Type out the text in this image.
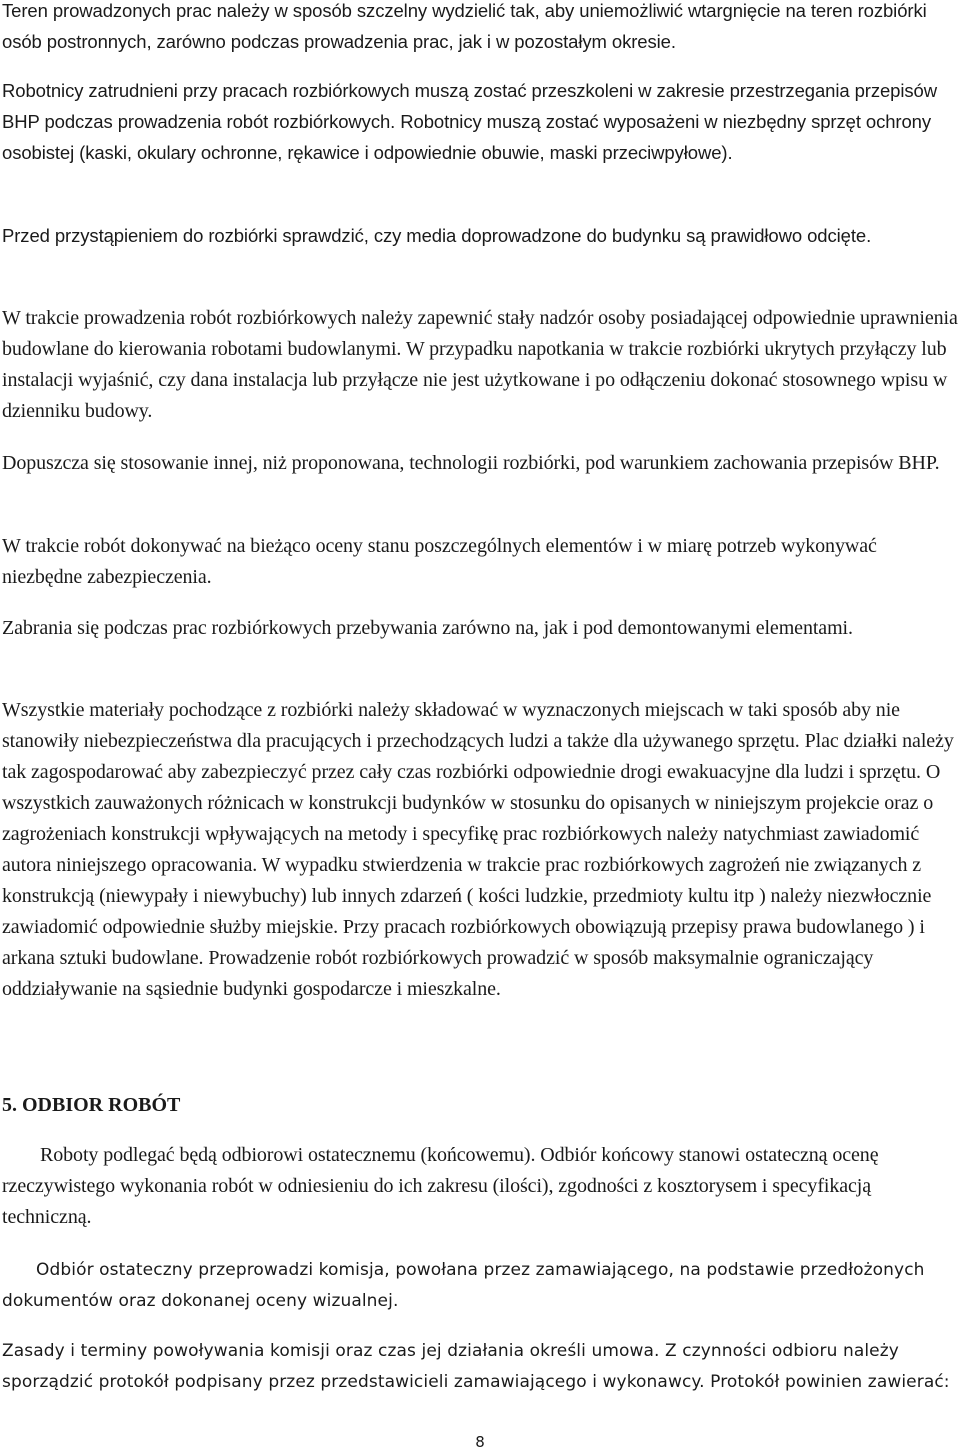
Teren prowadzonych prac należy w sposób szczelny wydzielić tak, aby uniemożliwić wtargnięcie na teren rozbiórki osób postronnych, zarówno podczas prowadzenia prac, jak i w pozostałym okresie.

Robotnicy zatrudnieni przy pracach rozbiórkowych muszą zostać przeszkoleni w zakresie przestrzegania przepisów BHP podczas prowadzenia robót rozbiórkowych. Robotnicy muszą zostać wyposażeni w niezbędny sprzęt ochrony osobistej (kaski, okulary ochronne, rękawice i odpowiednie obuwie, maski przeciwpyłowe).

Przed przystąpieniem do rozbiórki sprawdzić, czy media doprowadzone do budynku są prawidłowo odcięte.

W trakcie prowadzenia robót rozbiórkowych należy zapewnić stały nadzór osoby posiadającej odpowiednie uprawnienia budowlane do kierowania robotami budowlanymi. W przypadku napotkania w trakcie rozbiórki ukrytych przyłączy lub instalacji wyjaśnić, czy dana instalacja lub przyłącze nie jest użytkowane i po odłączeniu dokonać stosownego wpisu w dzienniku budowy.

Dopuszcza się stosowanie innej, niż proponowana, technologii rozbiórki, pod warunkiem zachowania przepisów BHP.

W trakcie robót dokonywać na bieżąco oceny stanu poszczególnych elementów i w miarę potrzeb wykonywać niezbędne zabezpieczenia.

Zabrania się podczas prac rozbiórkowych przebywania zarówno na, jak i pod demontowanymi elementami.

Wszystkie materiały pochodzące z rozbiórki należy składować w wyznaczonych miejscach w taki sposób aby nie stanowiły niebezpieczeństwa dla pracujących i przechodzących ludzi a także dla używanego sprzętu. Plac działki należy tak zagospodarować aby zabezpieczyć przez cały czas rozbiórki odpowiednie drogi ewakuacyjne dla ludzi i sprzętu. O wszystkich zauważonych różnicach w konstrukcji budynków w stosunku do opisanych w niniejszym projekcie oraz o zagrożeniach konstrukcji wpływających na metody i specyfikę prac rozbiórkowych należy natychmiast zawiadomić autora niniejszego opracowania. W wypadku stwierdzenia w trakcie prac rozbiórkowych zagrożeń nie związanych z konstrukcją (niewypały i niewybuchy) lub innych zdarzeń ( kości ludzkie, przedmioty kultu itp ) należy niezwłocznie zawiadomić odpowiednie służby miejskie. Przy pracach rozbiórkowych obowiązują przepisy prawa budowlanego ) i arkana sztuki budowlane. Prowadzenie robót rozbiórkowych prowadzić w sposób maksymalnie ograniczający oddziaływanie na sąsiednie budynki gospodarcze i mieszkalne.

5. ODBIOR ROBÓT

Roboty podlegać będą odbiorowi ostatecznemu (końcowemu). Odbiór końcowy stanowi ostateczną ocenę rzeczywistego wykonania robót w odniesieniu do ich zakresu (ilości), zgodności z kosztorysem i specyfikacją techniczną.

Odbiór ostateczny przeprowadzi komisja, powołana przez zamawiającego, na podstawie przedłożonych dokumentów oraz dokonanej oceny wizualnej.

Zasady i terminy powoływania komisji oraz czas jej działania określi umowa. Z czynności odbioru należy sporządzić protokół podpisany przez przedstawicieli zamawiającego i wykonawcy. Protokół powinien zawierać:

8
